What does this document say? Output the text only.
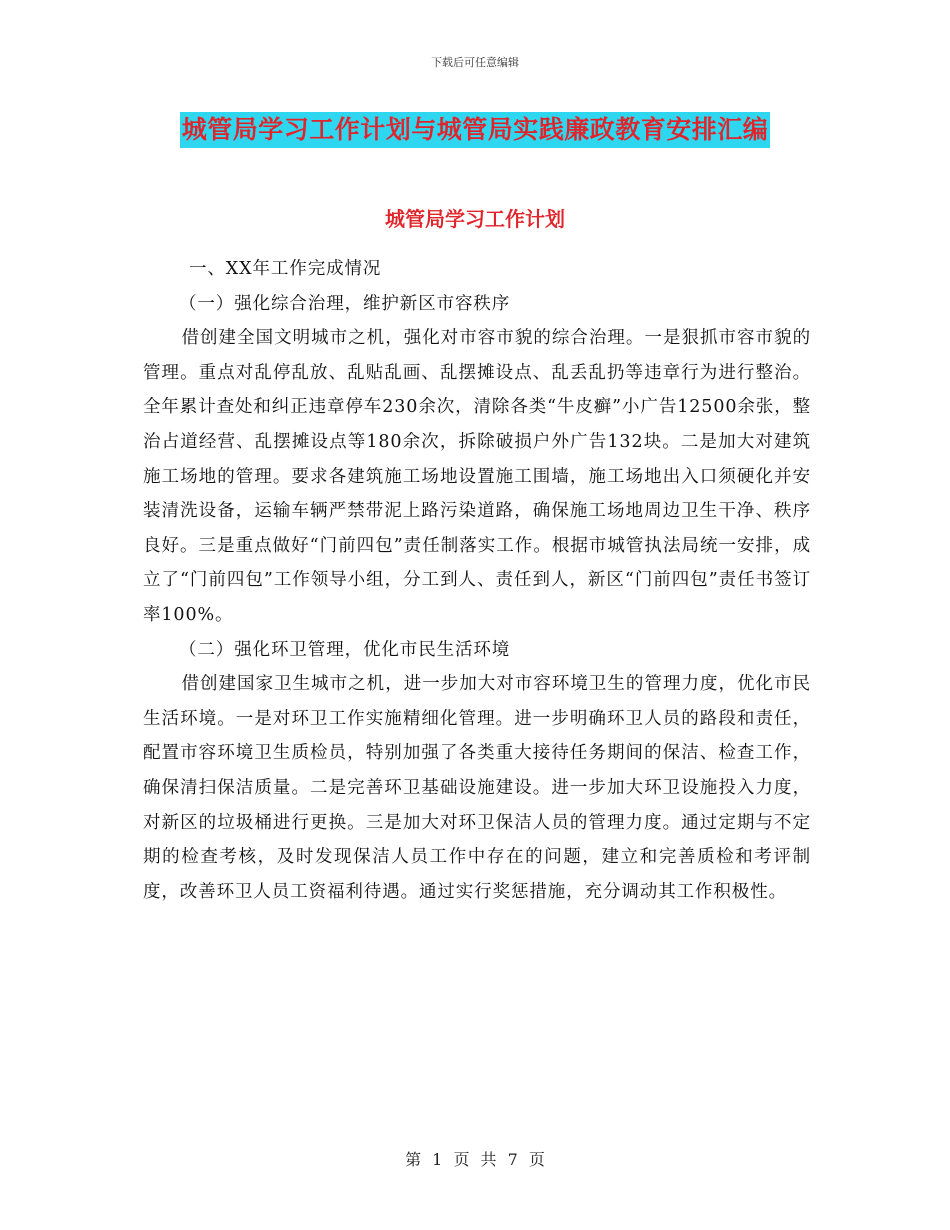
下载后可任意编辑
城管局学习工作计划与城管局实践廉政教育安排汇编
城管局学习工作计划

一、XX年工作完成情况

（一）强化综合治理，维护新区市容秩序

借创建全国文明城市之机，强化对市容市貌的综合治理。一是狠抓市容市貌的管理。重点对乱停乱放、乱贴乱画、乱摆摊设点、乱丢乱扔等违章行为进行整治。全年累计查处和纠正违章停车230余次，清除各类“牛皮癣”小广告12500余张，整治占道经营、乱摆摊设点等180余次，拆除破损户外广告132块。二是加大对建筑施工场地的管理。要求各建筑施工场地设置施工围墙，施工场地出入口须硬化并安装清洗设备，运输车辆严禁带泥上路污染道路，确保施工场地周边卫生干净、秩序良好。三是重点做好“门前四包”责任制落实工作。根据市城管执法局统一安排，成立了“门前四包”工作领导小组，分工到人、责任到人，新区“门前四包”责任书签订率100%。

（二）强化环卫管理，优化市民生活环境

借创建国家卫生城市之机，进一步加大对市容环境卫生的管理力度，优化市民生活环境。一是对环卫工作实施精细化管理。进一步明确环卫人员的路段和责任，配置市容环境卫生质检员，特别加强了各类重大接待任务期间的保洁、检查工作，确保清扫保洁质量。二是完善环卫基础设施建设。进一步加大环卫设施投入力度，对新区的垃圾桶进行更换。三是加大对环卫保洁人员的管理力度。通过定期与不定期的检查考核，及时发现保洁人员工作中存在的问题，建立和完善质检和考评制度，改善环卫人员工资福利待遇。通过实行奖惩措施，充分调动其工作积极性。

第 1 页 共 7 页
